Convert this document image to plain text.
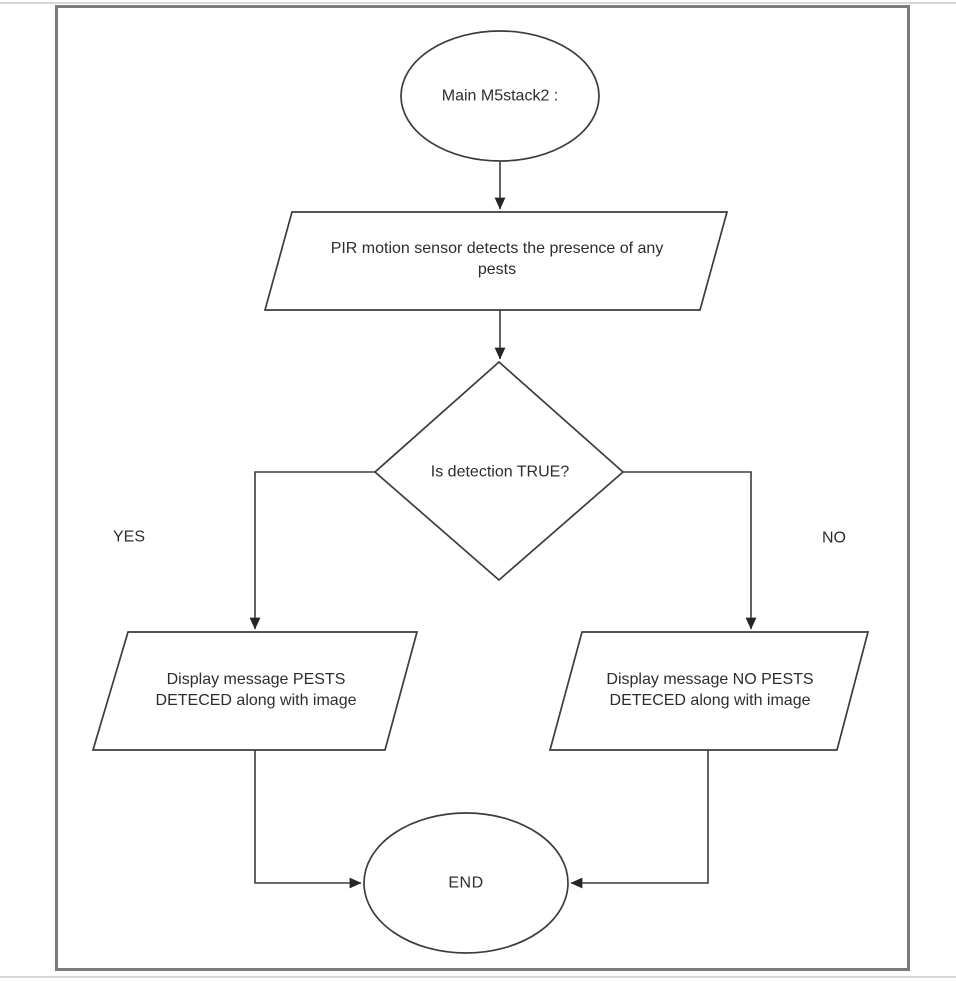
Main M5stack2 :
PIR motion sensor detects the presence of any
pests
Is detection TRUE?
YES	NO
Display message PESTS
DETECED along with image
Display message NO PESTS
DETECED along with image
END
